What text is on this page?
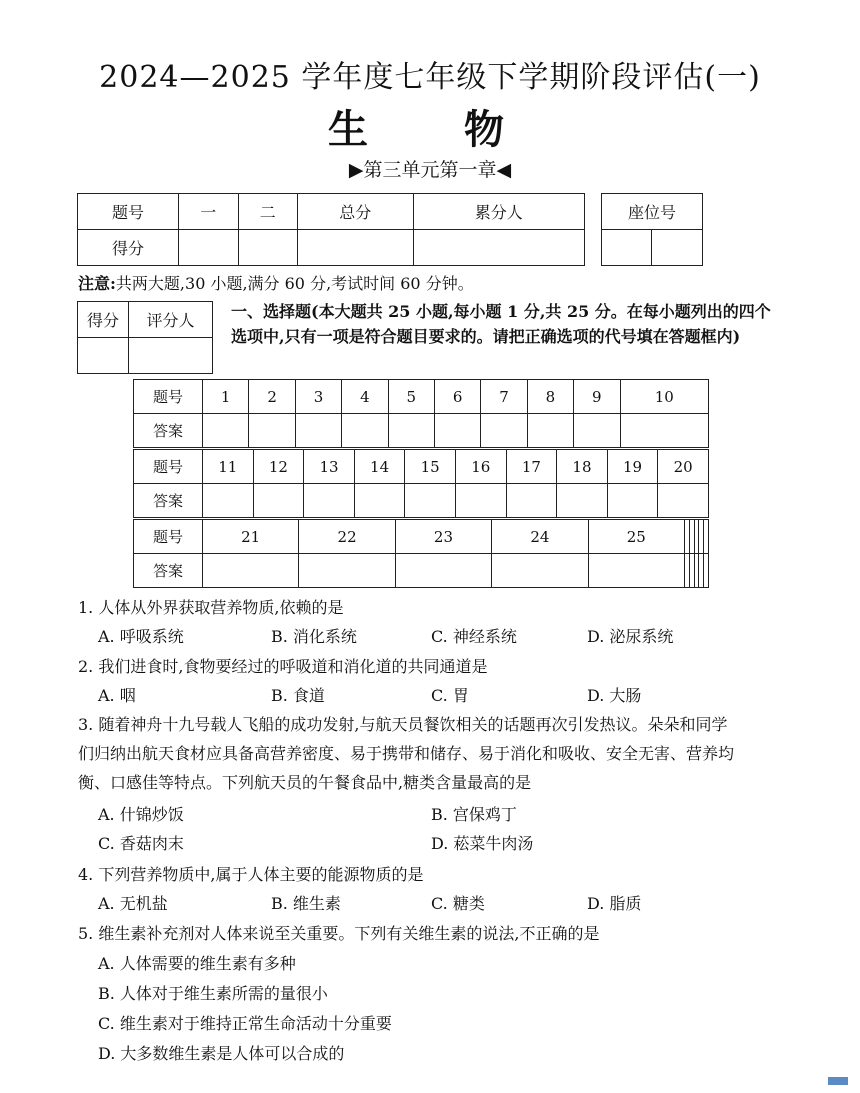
2024—2025 学年度七年级下学期阶段评估(一)
生　物
▶第三单元第一章◀
题号	一	二	总分	累分人
得分				
座位号

注意:共两大题,30 小题,满分 60 分,考试时间 60 分钟。
得分	评分人
	一、选择题(本大题共 25 小题,每小题 1 分,共 25 分。在每小题列出的四个选项中,只有一项是符合题目要求的。请把正确选项的代号填在答题框内)
题号	1	2	3	4	5	6	7	8	9	10
答案										
题号	11	12	13	14	15	16	17	18	19	20
答案										
题号	21	22	23	24	25					
答案										
1. 人体从外界获取营养物质,依赖的是
A. 呼吸系统	B. 消化系统	C. 神经系统	D. 泌尿系统
2. 我们进食时,食物要经过的呼吸道和消化道的共同通道是
A. 咽	B. 食道	C. 胃	D. 大肠
3. 随着神舟十九号载人飞船的成功发射,与航天员餐饮相关的话题再次引发热议。朵朵和同学
们归纳出航天食材应具备高营养密度、易于携带和储存、易于消化和吸收、安全无害、营养均
衡、口感佳等特点。下列航天员的午餐食品中,糖类含量最高的是
A. 什锦炒饭	B. 宫保鸡丁
C. 香菇肉末	D. 菘菜牛肉汤
4. 下列营养物质中,属于人体主要的能源物质的是
A. 无机盐	B. 维生素	C. 糖类	D. 脂质
5. 维生素补充剂对人体来说至关重要。下列有关维生素的说法,不正确的是
A. 人体需要的维生素有多种
B. 人体对于维生素所需的量很小
C. 维生素对于维持正常生命活动十分重要
D. 大多数维生素是人体可以合成的
